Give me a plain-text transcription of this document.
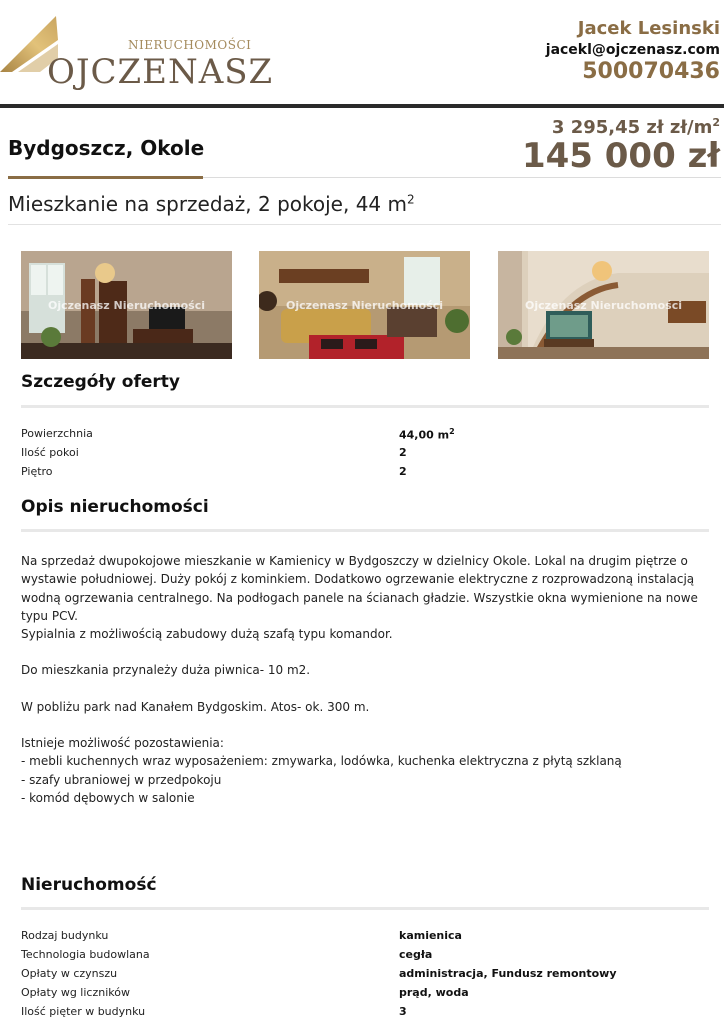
NIERUCHOMOŚCI
OJCZENASZ
Jacek Lesinski
jacekl@ojczenasz.com
500070436
Bydgoszcz, Okole
3 295,45 zł $zł/m^2$
145 000 zł
Mieszkanie na sprzedaż, 2 pokoje, 44 $m^2$
Ojczenasz Nieruchomości	Ojczenasz Nieruchomości	Ojczenasz Nieruchomości
Szczegóły oferty
Powierzchnia	44,00 $m^2$
Ilość pokoi	2
Piętro	2
Opis nieruchomości

Na sprzedaż dwupokojowe mieszkanie w Kamienicy w Bydgoszczy w dzielnicy Okole. Lokal na drugim piętrze o wystawie południowej. Duży pokój z kominkiem. Dodatkowo ogrzewanie elektryczne z rozprowadzoną instalacją wodną ogrzewania centralnego. Na podłogach panele na ścianach gładzie. Wszystkie okna wymienione na nowe typu PCV.

Sypialnia z możliwością zabudowy dużą szafą typu komandor.

Do mieszkania przynależy duża piwnica- 10 m2.

W pobliżu park nad Kanałem Bydgoskim. Atos- ok. 300 m.

Istnieje możliwość pozostawienia:

- mebli kuchennych wraz wyposażeniem: zmywarka, lodówka, kuchenka elektryczna z płytą szklaną

- szafy ubraniowej w przedpokoju

- komód dębowych w salonie

Nieruchomość
Rodzaj budynku	kamienica
Technologia budowlana	cegła
Opłaty w czynszu	administracja, Fundusz remontowy
Opłaty wg liczników	prąd, woda
Ilość pięter w budynku	3
